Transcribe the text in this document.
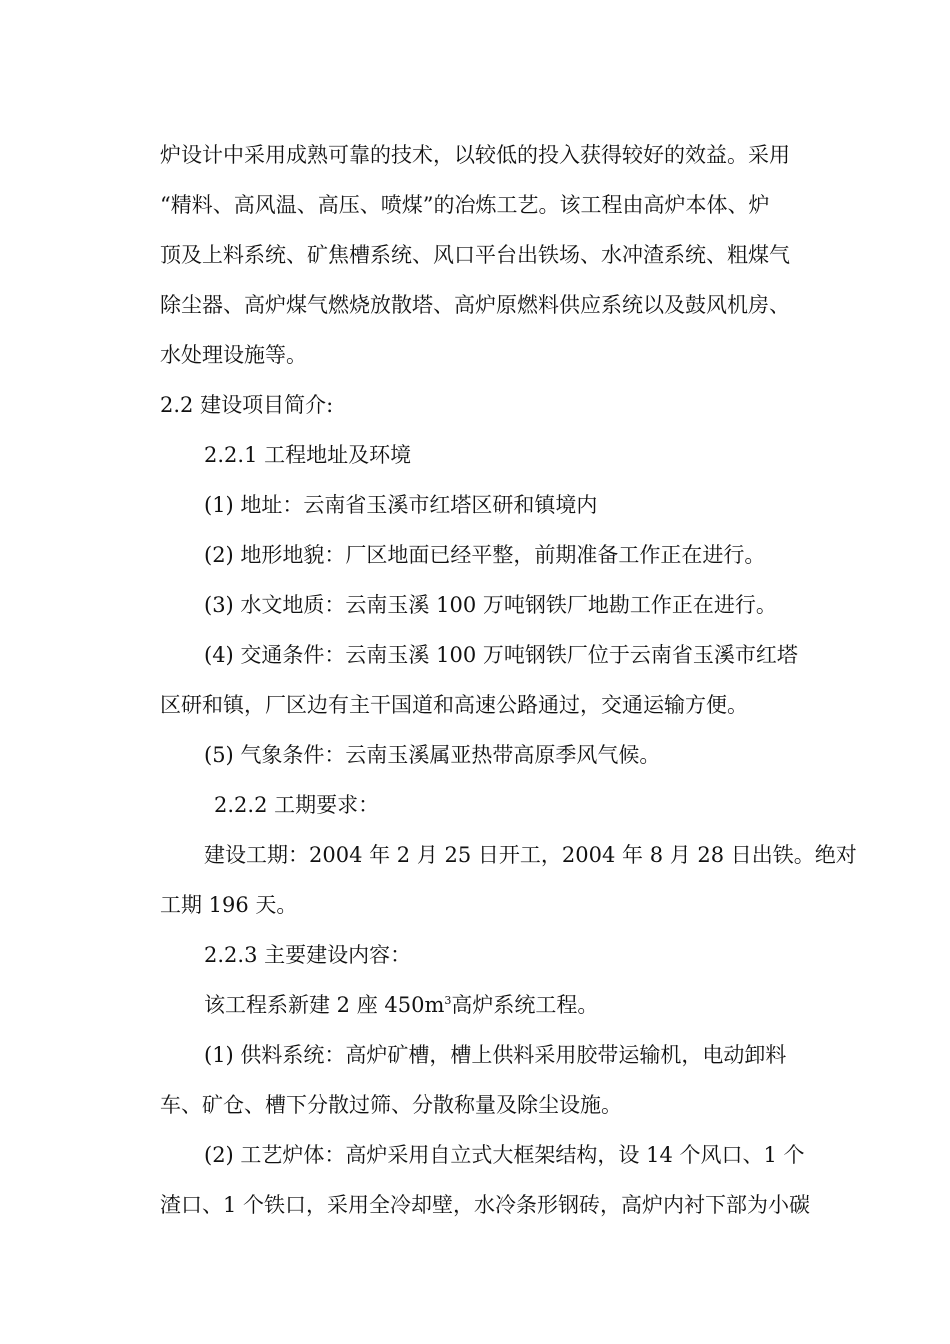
炉设计中采用成熟可靠的技术，以较低的投入获得较好的效益。采用
“精料、高风温、高压、喷煤”的冶炼工艺。该工程由高炉本体、炉
顶及上料系统、矿焦槽系统、风口平台出铁场、水冲渣系统、粗煤气
除尘器、高炉煤气燃烧放散塔、高炉原燃料供应系统以及鼓风机房、
水处理设施等。
2.2 建设项目简介:
2.2.1 工程地址及环境
(1) 地址：云南省玉溪市红塔区研和镇境内
(2) 地形地貌：厂区地面已经平整，前期准备工作正在进行。
(3) 水文地质：云南玉溪 100 万吨钢铁厂地勘工作正在进行。
(4) 交通条件：云南玉溪 100 万吨钢铁厂位于云南省玉溪市红塔
区研和镇，厂区边有主干国道和高速公路通过，交通运输方便。
(5) 气象条件：云南玉溪属亚热带高原季风气候。
2.2.2 工期要求：
建设工期：2004 年 2 月 25 日开工，2004 年 8 月 28 日出铁。绝对
工期 196 天。
2.2.3 主要建设内容：
该工程系新建 2 座 $450m^3$高炉系统工程。
(1) 供料系统：高炉矿槽，槽上供料采用胶带运输机，电动卸料
车、矿仓、槽下分散过筛、分散称量及除尘设施。
(2) 工艺炉体：高炉采用自立式大框架结构，设 14 个风口、1 个
渣口、1 个铁口，采用全冷却壁，水冷条形钢砖，高炉内衬下部为小碳
